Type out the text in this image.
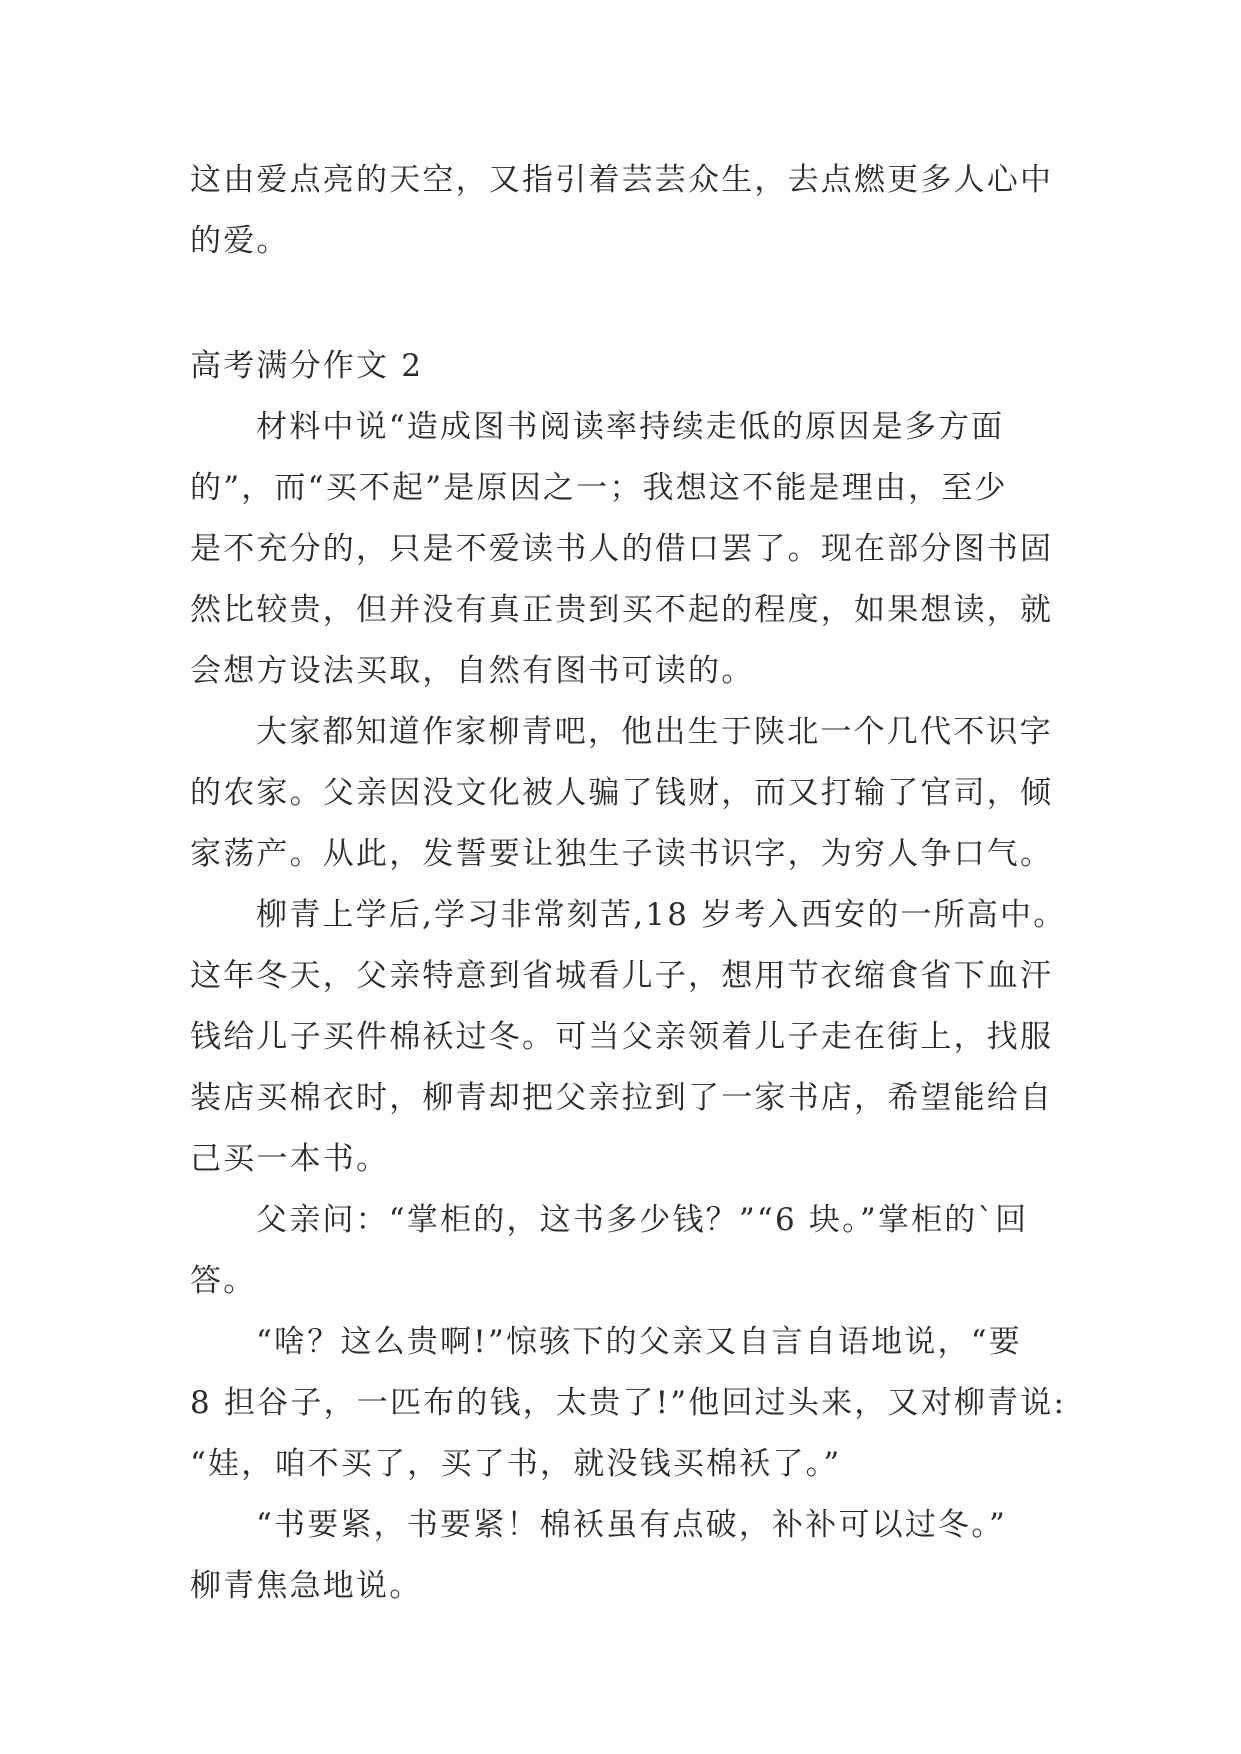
这由爱点亮的天空，又指引着芸芸众生，去点燃更多人心中
的爱。
高考满分作文 2
材料中说“造成图书阅读率持续走低的原因是多方面
的”，而“买不起”是原因之一；我想这不能是理由，至少
是不充分的，只是不爱读书人的借口罢了。现在部分图书固
然比较贵，但并没有真正贵到买不起的程度，如果想读，就
会想方设法买取，自然有图书可读的。
大家都知道作家柳青吧，他出生于陕北一个几代不识字
的农家。父亲因没文化被人骗了钱财，而又打输了官司，倾
家荡产。从此，发誓要让独生子读书识字，为穷人争口气。
柳青上学后,学习非常刻苦,18 岁考入西安的一所高中。
这年冬天，父亲特意到省城看儿子，想用节衣缩食省下血汗
钱给儿子买件棉袄过冬。可当父亲领着儿子走在街上，找服
装店买棉衣时，柳青却把父亲拉到了一家书店，希望能给自
己买一本书。
父亲问：“掌柜的，这书多少钱？”“6 块。”掌柜的`回
答。
“啥？这么贵啊!”惊骇下的父亲又自言自语地说，“要
8 担谷子，一匹布的钱，太贵了!”他回过头来，又对柳青说:
“娃，咱不买了，买了书，就没钱买棉袄了。”
“书要紧，书要紧！棉袄虽有点破，补补可以过冬。”
柳青焦急地说。
